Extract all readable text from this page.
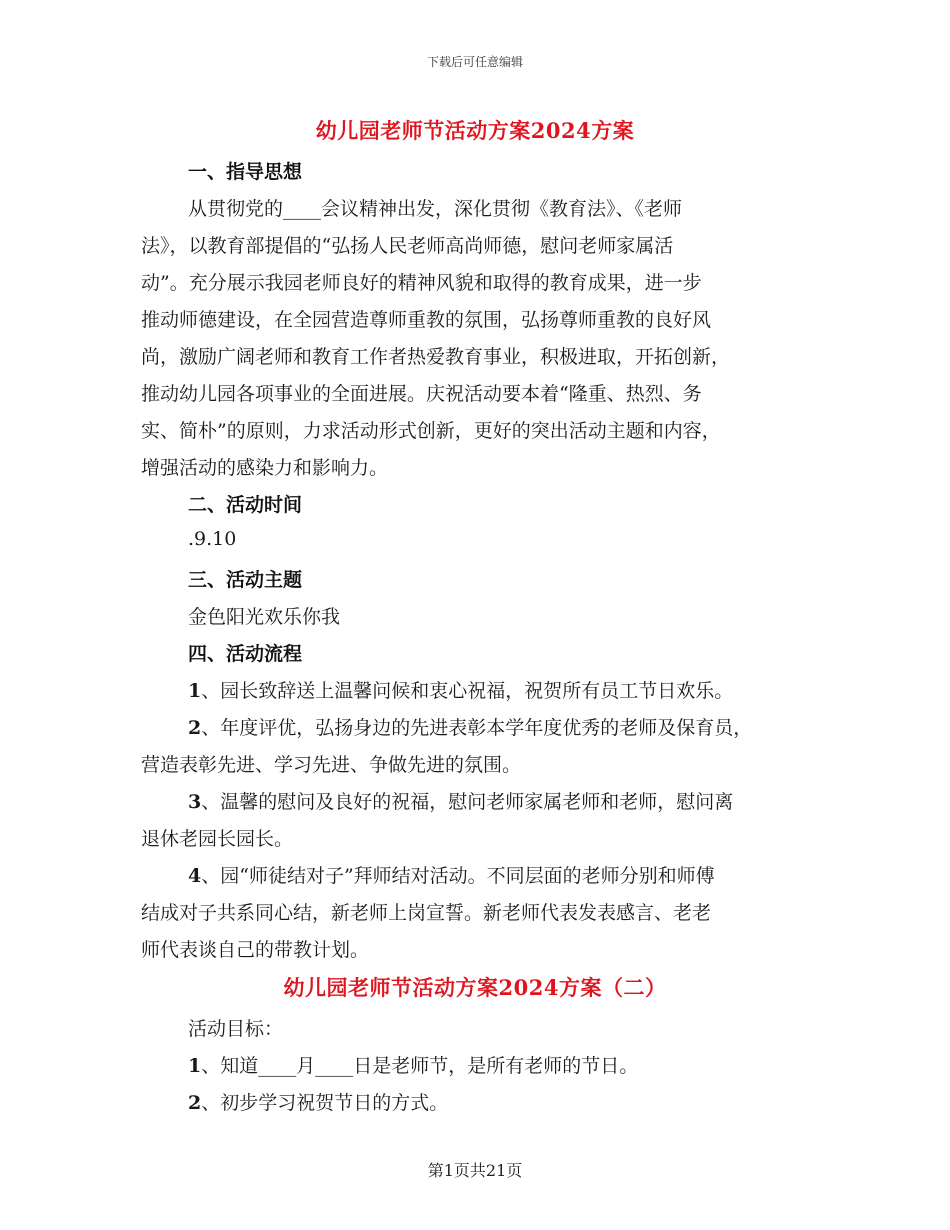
下载后可任意编辑
幼儿园老师节活动方案2024方案
一、指导思想
从贯彻党的____会议精神出发，深化贯彻《教育法》、《老师
法》，以教育部提倡的“弘扬人民老师高尚师德，慰问老师家属活
动”。充分展示我园老师良好的精神风貌和取得的教育成果，进一步
推动师德建设，在全园营造尊师重教的氛围，弘扬尊师重教的良好风
尚，激励广阔老师和教育工作者热爱教育事业，积极进取，开拓创新，
推动幼儿园各项事业的全面进展。庆祝活动要本着“隆重、热烈、务
实、简朴”的原则，力求活动形式创新，更好的突出活动主题和内容，
增强活动的感染力和影响力。
二、活动时间
.9.10
三、活动主题
金色阳光欢乐你我
四、活动流程
1、园长致辞送上温馨问候和衷心祝福，祝贺所有员工节日欢乐。
2、年度评优，弘扬身边的先进表彰本学年度优秀的老师及保育员，
营造表彰先进、学习先进、争做先进的氛围。
3、温馨的慰问及良好的祝福，慰问老师家属老师和老师，慰问离
退休老园长园长。
4、园“师徒结对子”拜师结对活动。不同层面的老师分别和师傅
结成对子共系同心结，新老师上岗宣誓。新老师代表发表感言、老老
师代表谈自己的带教计划。
幼儿园老师节活动方案2024方案（二）
活动目标：
1、知道____月____日是老师节，是所有老师的节日。
2、初步学习祝贺节日的方式。
第1页共21页
